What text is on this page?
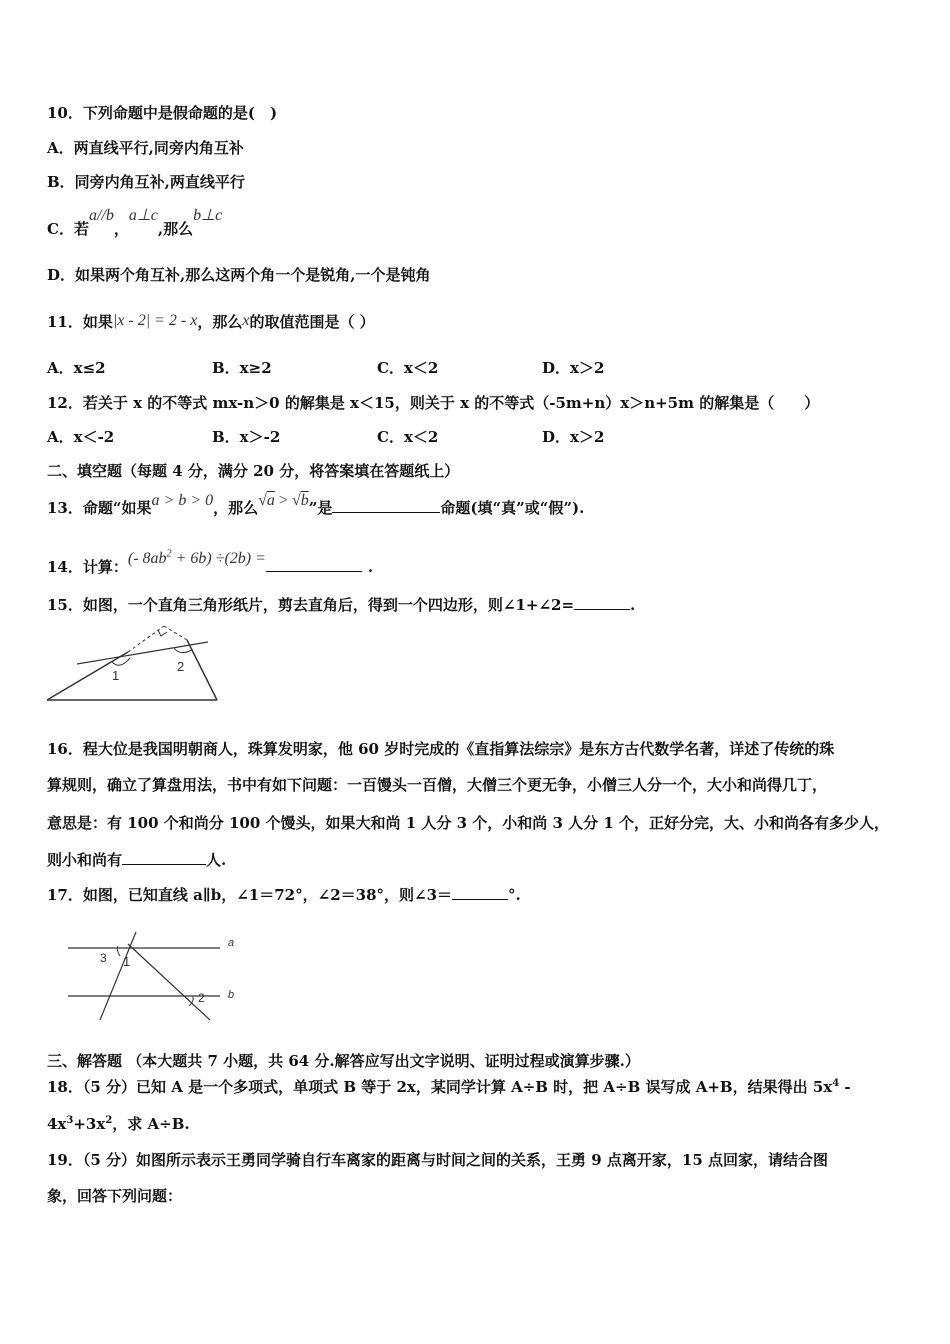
10．下列命题中是假命题的是(　)
A．两直线平行,同旁内角互补
B．同旁内角互补,两直线平行
C．若a//b，a⊥c,那么b⊥c
D．如果两个角互补,那么这两个角一个是锐角,一个是钝角
11．如果|x - 2| = 2 - x，那么x的取值范围是（ ）
A．x≤2	B．x≥2	C．x＜2	D．x＞2
12．若关于 x 的不等式 mx-n＞0 的解集是 x＜15，则关于 x 的不等式（-5m+n）x＞n+5m 的解集是（　　）
A．x＜-2	B．x＞-2	C．x＜2	D．x＞2
二、填空题（每题 4 分，满分 20 分，将答案填在答题纸上）
13．命题“如果a > b > 0，那么√a > √b”是	命题(填“真”或“假”).
14．计算：(- $8ab^2 + 6b) \div(2b)$ =	.
15．如图，一个直角三角形纸片，剪去直角后，得到一个四边形，则∠1+∠2=	.
1
2
16．程大位是我国明朝商人，珠算发明家，他 60 岁时完成的《直指算法综宗》是东方古代数学名著，详述了传统的珠
算规则，确立了算盘用法，书中有如下问题：一百馒头一百僧，大僧三个更无争，小僧三人分一个，大小和尚得几丁，
意思是：有 100 个和尚分 100 个馒头，如果大和尚 1 人分 3 个，小和尚 3 人分 1 个，正好分完，大、小和尚各有多少人，
则小和尚有	人.
17．如图，已知直线 a∥b，∠1＝72°，∠2＝38°，则∠3＝	°.
a
b
1
2
3
三、解答题 （本大题共 7 小题，共 64 分.解答应写出文字说明、证明过程或演算步骤.）
18．（5 分）已知 A 是一个多项式，单项式 B 等于 2x，某同学计算 A÷B 时，把 A÷B 误写成 A+B，结果得出 $5x^4$ -
$4x^3+3x^2$，求 A÷B.
19．（5 分）如图所示表示王勇同学骑自行车离家的距离与时间之间的关系，王勇 9 点离开家，15 点回家，请结合图
象，回答下列问题：
